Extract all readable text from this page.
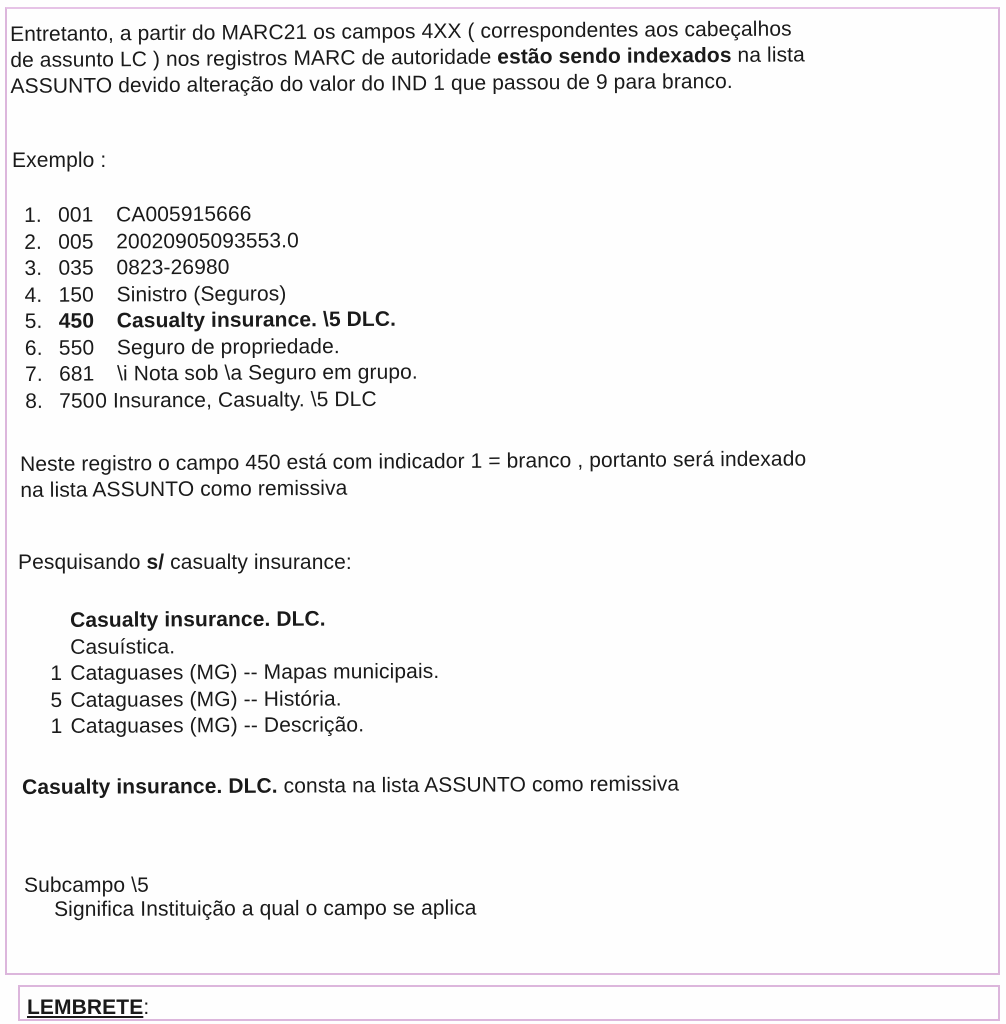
Entretanto, a partir do MARC21 os campos 4XX ( correspondentes aos cabeçalhos
de assunto LC ) nos registros MARC de autoridade estão sendo indexados na lista
ASSUNTO devido alteração do valor do IND 1 que passou de 9 para branco.
Exemplo :
1. 001 CA005915666
2. 005 20020905093553.0
3. 035 0823-26980
4. 150 Sinistro (Seguros)
5. 450 Casualty insurance. \5 DLC.
6. 550 Seguro de propriedade.
7. 681 \i Nota sob \a Seguro em grupo.
8. 7500 Insurance, Casualty. \5 DLC
Neste registro o campo 450 está com indicador 1 = branco , portanto será indexado
na lista ASSUNTO como remissiva
Pesquisando s/ casualty insurance:
Casualty insurance. DLC.
Casuística.
1 Cataguases (MG) -- Mapas municipais.
5 Cataguases (MG) -- História.
1 Cataguases (MG) -- Descrição.
Casualty insurance. DLC. consta na lista ASSUNTO como remissiva
Subcampo \5
Significa Instituição a qual o campo se aplica
LEMBRETE:
